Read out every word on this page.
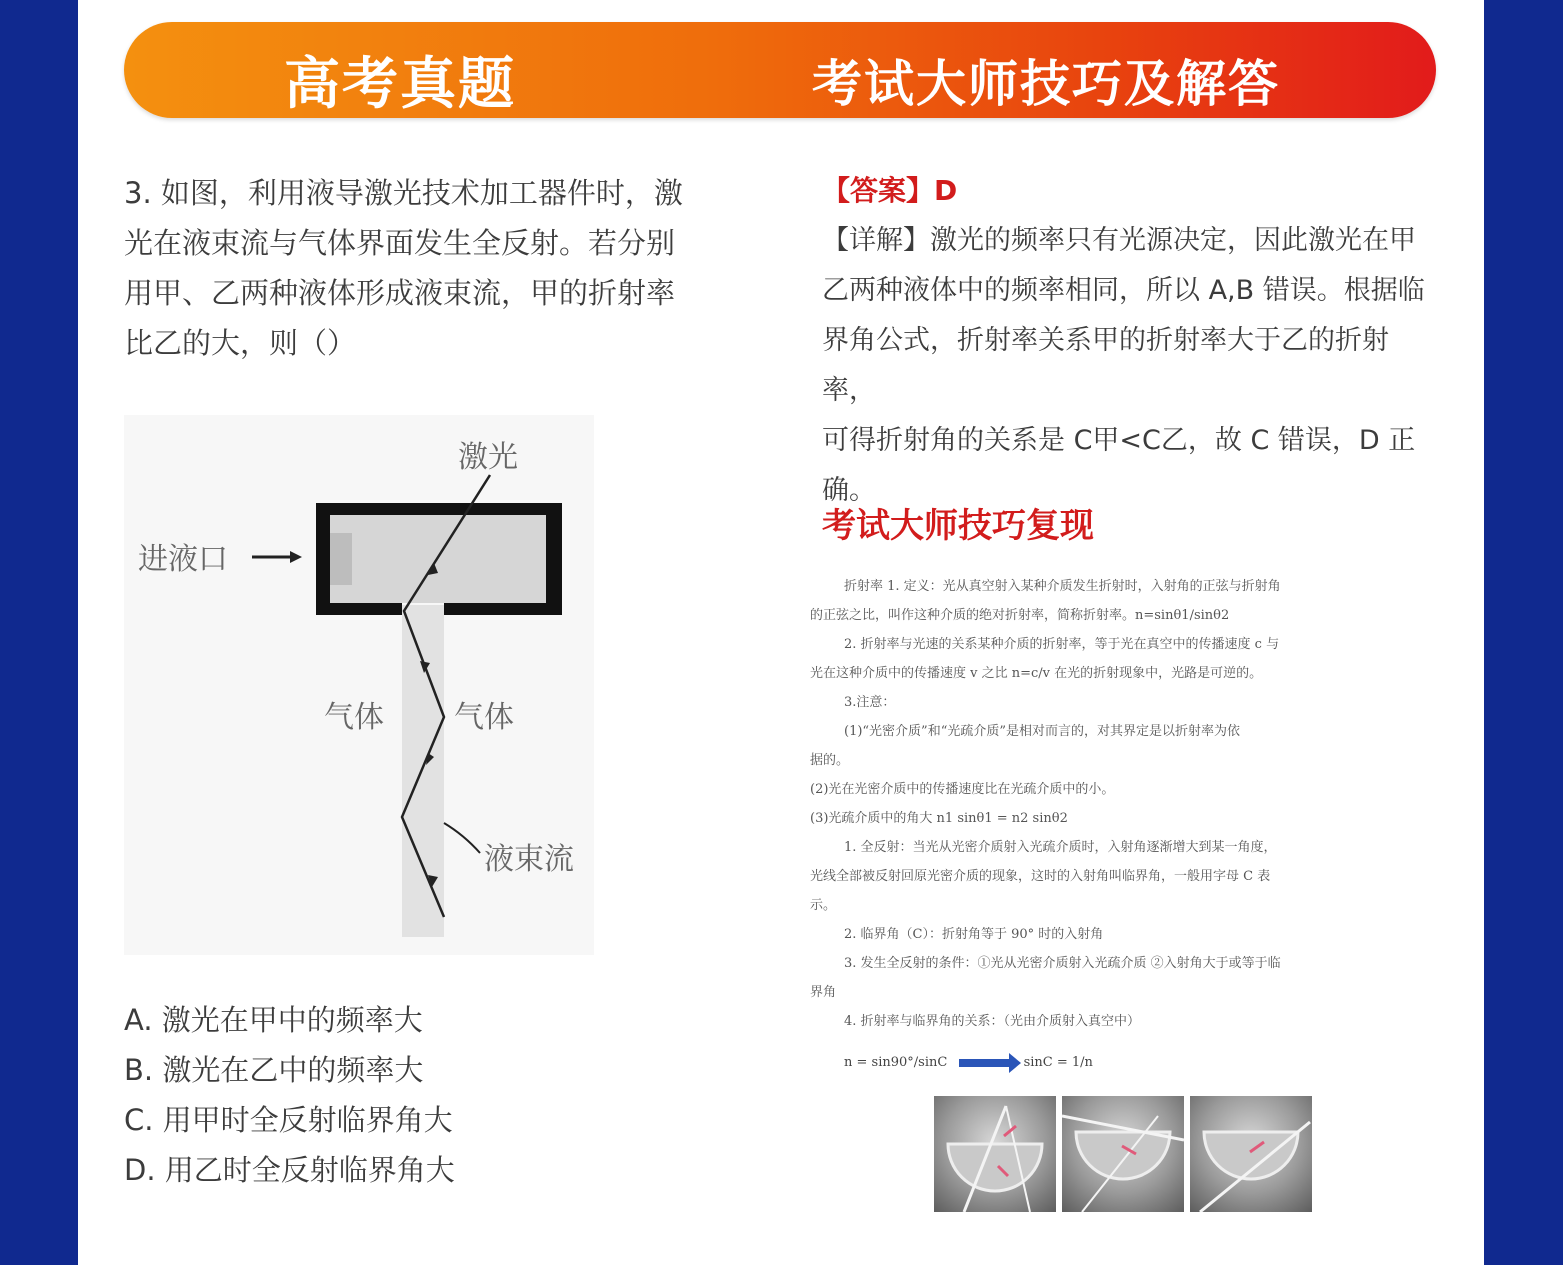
高考真题	考试大师技巧及解答

3. 如图，利用液导激光技术加工器件时，激

光在液束流与气体界面发生全反射。若分别

用甲、乙两种液体形成液束流，甲的折射率

比乙的大，则（）

激光
进液口
气体 气体
液束流
A. 激光在甲中的频率大
B. 激光在乙中的频率大
C. 用甲时全反射临界角大
D. 用乙时全反射临界角大

【答案】D

【详解】激光的频率只有光源决定，因此激光在甲

乙两种液体中的频率相同，所以 A,B 错误。根据临

界角公式，折射率关系甲的折射率大于乙的折射率，

可得折射角的关系是 C甲<C乙，故 C 错误，D 正确。

考试大师技巧复现
折射率 1. 定义：光从真空射入某种介质发生折射时，入射角的正弦与折射角
的正弦之比，叫作这种介质的绝对折射率，简称折射率。n=sinθ1/sinθ2
2. 折射率与光速的关系某种介质的折射率，等于光在真空中的传播速度 c 与
光在这种介质中的传播速度 v 之比 n=c/v 在光的折射现象中，光路是可逆的。
3.注意：
(1)“光密介质”和“光疏介质”是相对而言的，对其界定是以折射率为依
据的。
(2)光在光密介质中的传播速度比在光疏介质中的小。
(3)光疏介质中的角大 n1 sinθ1 = n2 sinθ2
1. 全反射：当光从光密介质射入光疏介质时，入射角逐渐增大到某一角度，
光线全部被反射回原光密介质的现象，这时的入射角叫临界角，一般用字母 C 表
示。
2. 临界角（C）：折射角等于 90° 时的入射角
3. 发生全反射的条件：①光从光密介质射入光疏介质 ②入射角大于或等于临
界角
4. 折射率与临界角的关系：（光由介质射入真空中）
n = sin90°/sinC	sinC = 1/n
